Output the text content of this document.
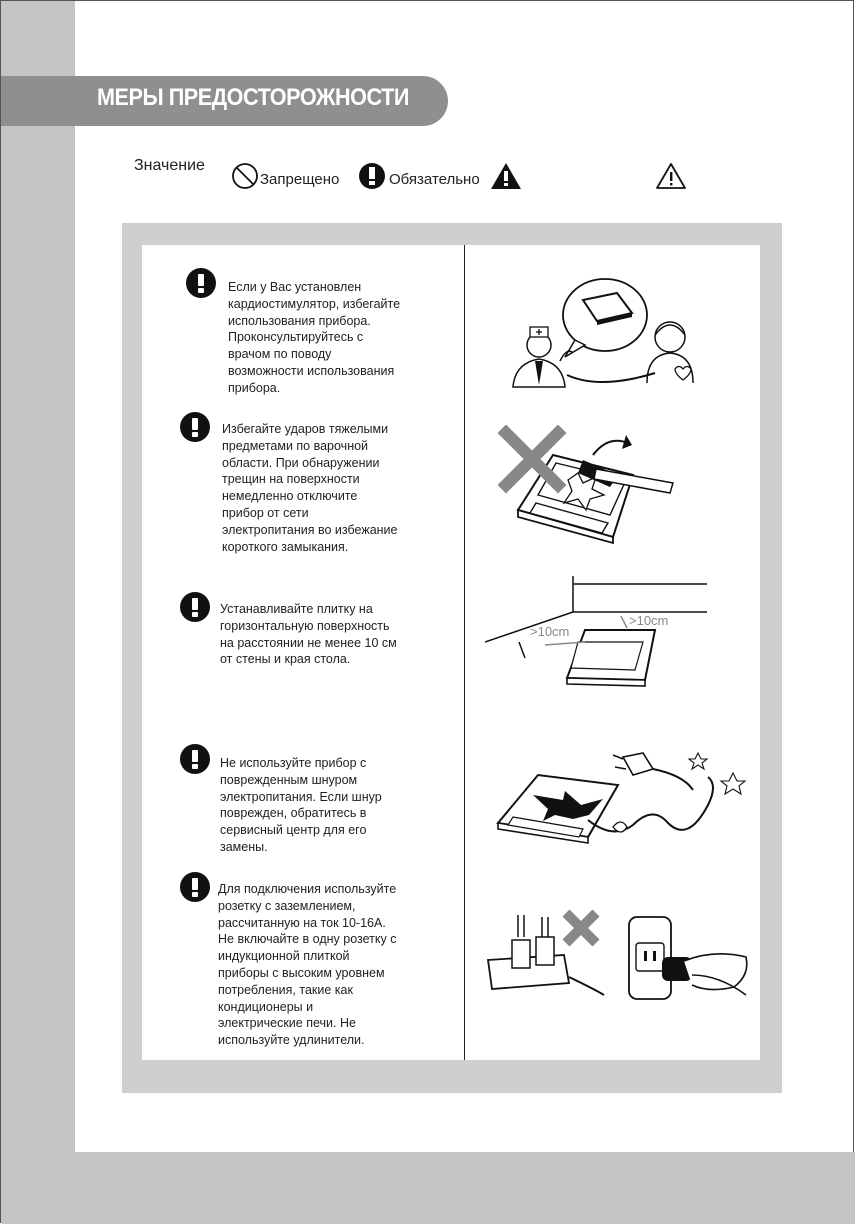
МЕРЫ ПРЕДОСТОРОЖНОСТИ
Значение
Запрещено	Обязательно
Если у Вас установлен
кардиостимулятор, избегайте
использования прибора.
Проконсультируйтесь с
врачом по поводу
возможности использования
прибора.
Избегайте ударов тяжелыми
предметами по варочной
области. При обнаружении
трещин на поверхности
немедленно отключите
прибор от сети
электропитания во избежание
короткого замыкания.
Устанавливайте плитку на
горизонтальную поверхность
на расстоянии не менее 10 см
от стены и края стола.
Не используйте прибор с
поврежденным шнуром
электропитания. Если шнур
поврежден, обратитесь в
сервисный центр для его
замены.
Для подключения используйте
розетку с заземлением,
рассчитанную на ток 10-16А.
Не включайте в одну розетку с
индукционной плиткой
приборы с высоким уровнем
потребления, такие как
кондиционеры и
электрические печи. Не
используйте удлинители.
>10cm
>10cm
